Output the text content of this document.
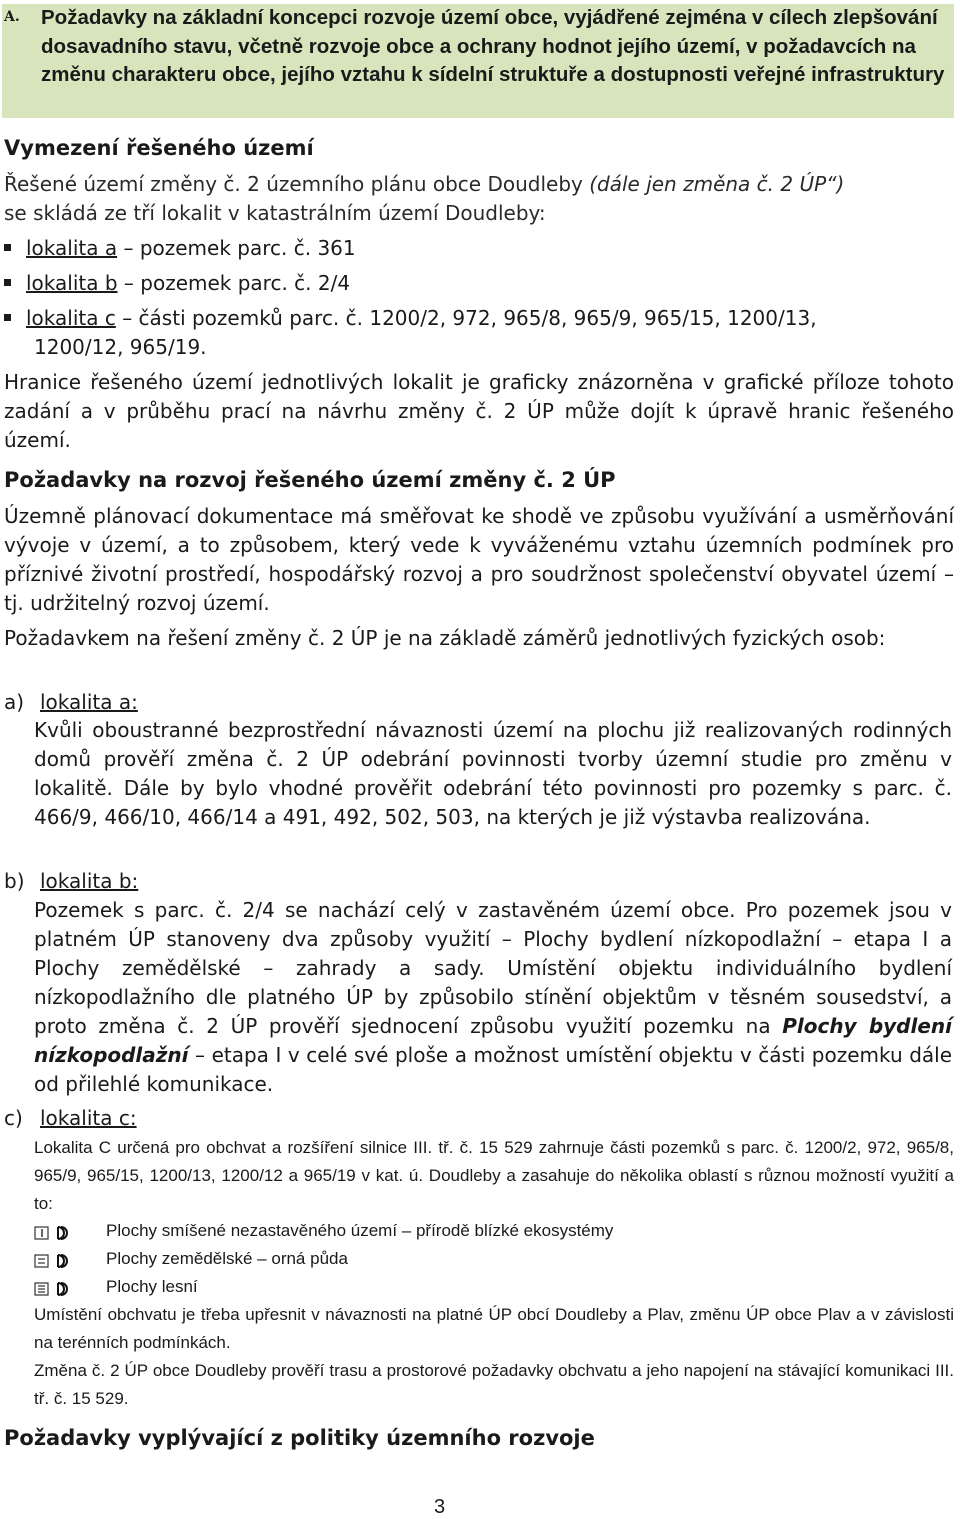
A. Požadavky na základní koncepci rozvoje území obce, vyjádřené zejména v cílech zlepšování dosavadního stavu, včetně rozvoje obce a ochrany hodnot jejího území, v požadavcích na změnu charakteru obce, jejího vztahu k sídelní struktuře a dostupnosti veřejné infrastruktury
Vymezení řešeného území
Řešené území změny č. 2 územního plánu obce Doudleby (dále jen změna č. 2 ÚP“)
se skládá ze tří lokalit v katastrálním území Doudleby:
lokalita a – pozemek parc. č. 361
lokalita b – pozemek parc. č. 2/4
lokalita c – části pozemků parc. č. 1200/2, 972, 965/8, 965/9, 965/15, 1200/13,
1200/12, 965/19.
Hranice řešeného území jednotlivých lokalit je graficky znázorněna v grafické příloze tohoto zadání a v průběhu prací na návrhu změny č. 2 ÚP může dojít k úpravě hranic řešeného území.
Požadavky na rozvoj řešeného území změny č. 2 ÚP
Územně plánovací dokumentace má směřovat ke shodě ve způsobu využívání a usměrňování vývoje v území, a to způsobem, který vede k vyváženému vztahu územních podmínek pro příznivé životní prostředí, hospodářský rozvoj a pro soudržnost společenství obyvatel území – tj. udržitelný rozvoj území.
Požadavkem na řešení změny č. 2 ÚP je na základě záměrů jednotlivých fyzických osob:
a) lokalita a:
Kvůli oboustranné bezprostřední návaznosti území na plochu již realizovaných rodinných domů prověří změna č. 2 ÚP odebrání povinnosti tvorby územní studie pro změnu v lokalitě. Dále by bylo vhodné prověřit odebrání této povinnosti pro pozemky s parc. č. 466/9, 466/10, 466/14 a 491, 492, 502, 503, na kterých je již výstavba realizována.
b) lokalita b:
Pozemek s parc. č. 2/4 se nachází celý v zastavěném území obce. Pro pozemek jsou v platném ÚP stanoveny dva způsoby využití – Plochy bydlení nízkopodlažní – etapa I a Plochy zemědělské – zahrady a sady. Umístění objektu individuálního bydlení nízkopodlažního dle platného ÚP by způsobilo stínění objektům v těsném sousedství, a proto změna č. 2 ÚP prověří sjednocení způsobu využití pozemku na Plochy bydlení nízkopodlažní – etapa I v celé své ploše a možnost umístění objektu v části pozemku dále od přilehlé komunikace.
c) lokalita c:
Lokalita C určená pro obchvat a rozšíření silnice III. tř. č. 15 529 zahrnuje části pozemků s parc. č. 1200/2, 972, 965/8, 965/9, 965/15, 1200/13, 1200/12 a 965/19 v kat. ú. Doudleby a zasahuje do několika oblastí s různou možností využití a to:
Plochy smíšené nezastavěného území – přírodě blízké ekosystémy
Plochy zemědělské – orná půda
Plochy lesní
Umístění obchvatu je třeba upřesnit v návaznosti na platné ÚP obcí Doudleby a Plav, změnu ÚP obce Plav a v závislosti na terénních podmínkách.
Změna č. 2 ÚP obce Doudleby prověří trasu a prostorové požadavky obchvatu a jeho napojení na stávající komunikaci III. tř. č. 15 529.
Požadavky vyplývající z politiky územního rozvoje
3
